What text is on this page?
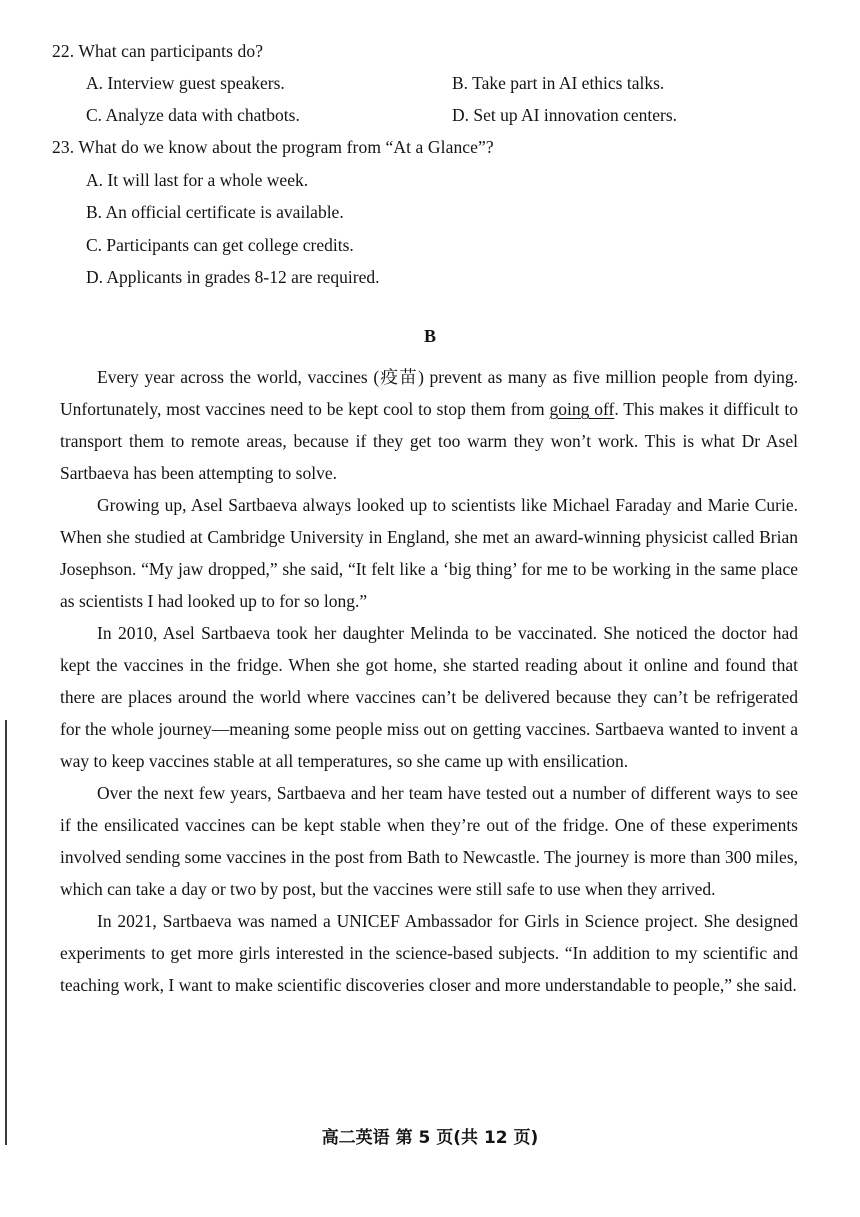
22. What can participants do?
A. Interview guest speakers.	B. Take part in AI ethics talks.
C. Analyze data with chatbots.	D. Set up AI innovation centers.
23. What do we know about the program from “At a Glance”?
A. It will last for a whole week.
B. An official certificate is available.
C. Participants can get college credits.
D. Applicants in grades 8-12 are required.
B

Every year across the world, vaccines (疫苗) prevent as many as five million people from dying. Unfortunately, most vaccines need to be kept cool to stop them from going off. This makes it difficult to transport them to remote areas, because if they get too warm they won’t work. This is what Dr Asel Sartbaeva has been attempting to solve.

Growing up, Asel Sartbaeva always looked up to scientists like Michael Faraday and Marie Curie. When she studied at Cambridge University in England, she met an award-winning physicist called Brian Josephson. “My jaw dropped,” she said, “It felt like a ‘big thing’ for me to be working in the same place as scientists I had looked up to for so long.”

In 2010, Asel Sartbaeva took her daughter Melinda to be vaccinated. She noticed the doctor had kept the vaccines in the fridge. When she got home, she started reading about it online and found that there are places around the world where vaccines can’t be delivered because they can’t be refrigerated for the whole journey—meaning some people miss out on getting vaccines. Sartbaeva wanted to invent a way to keep vaccines stable at all temperatures, so she came up with ensilication.

Over the next few years, Sartbaeva and her team have tested out a number of different ways to see if the ensilicated vaccines can be kept stable when they’re out of the fridge. One of these experiments involved sending some vaccines in the post from Bath to Newcastle. The journey is more than 300 miles, which can take a day or two by post, but the vaccines were still safe to use when they arrived.

In 2021, Sartbaeva was named a UNICEF Ambassador for Girls in Science project. She designed experiments to get more girls interested in the science-based subjects. “In addition to my scientific and teaching work, I want to make scientific discoveries closer and more understandable to people,” she said.

高二英语 第 5 页(共 12 页)
